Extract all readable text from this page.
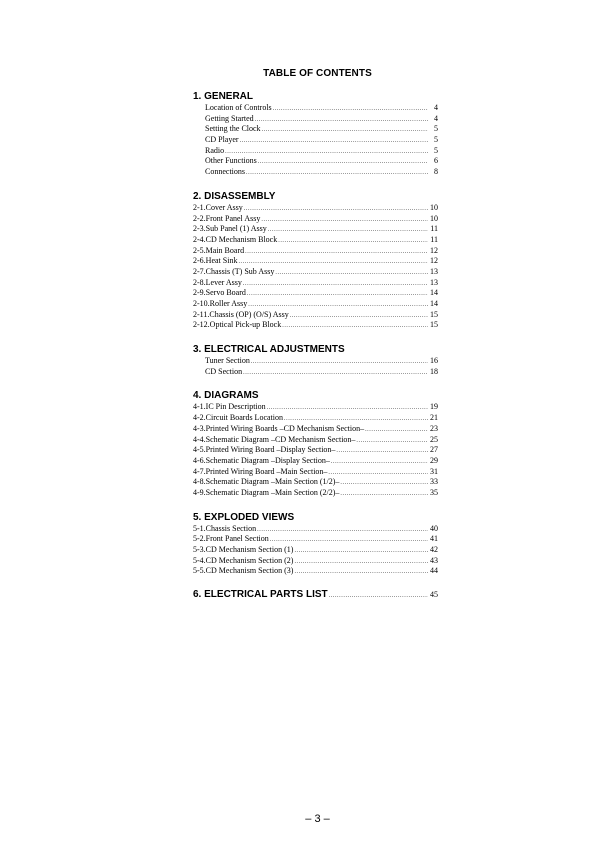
TABLE OF CONTENTS
1. GENERAL
Location of Controls .....	4
Getting Started .....	4
Setting the Clock .....	5
CD Player .....	5
Radio .....	5
Other Functions .....	6
Connections .....	8
2. DISASSEMBLY
2-1. Cover Assy .....	10
2-2. Front Panel Assy .....	10
2-3. Sub Panel (1) Assy .....	11
2-4. CD Mechanism Block .....	11
2-5. Main Board .....	12
2-6. Heat Sink .....	12
2-7. Chassis (T) Sub Assy .....	13
2-8. Lever Assy .....	13
2-9. Servo Board .....	14
2-10. Roller Assy .....	14
2-11. Chassis (OP) (O/S) Assy .....	15
2-12. Optical Pick-up Block .....	15
3. ELECTRICAL ADJUSTMENTS
Tuner Section .....	16
CD Section .....	18
4. DIAGRAMS
4-1. IC Pin Description .....	19
4-2. Circuit Boards Location .....	21
4-3. Printed Wiring Boards –CD Mechanism Section– .....	23
4-4. Schematic Diagram –CD Mechanism Section– .....	25
4-5. Printed Wiring Board –Display Section– .....	27
4-6. Schematic Diagram –Display Section– .....	29
4-7. Printed Wiring Board –Main Section– .....	31
4-8. Schematic Diagram –Main Section (1/2)– .....	33
4-9. Schematic Diagram –Main Section (2/2)– .....	35
5. EXPLODED VIEWS
5-1. Chassis Section .....	40
5-2. Front Panel Section .....	41
5-3. CD Mechanism Section (1) .....	42
5-4. CD Mechanism Section (2) .....	43
5-5. CD Mechanism Section (3) .....	44
6. ELECTRICAL PARTS LIST .....	45
– 3 –
